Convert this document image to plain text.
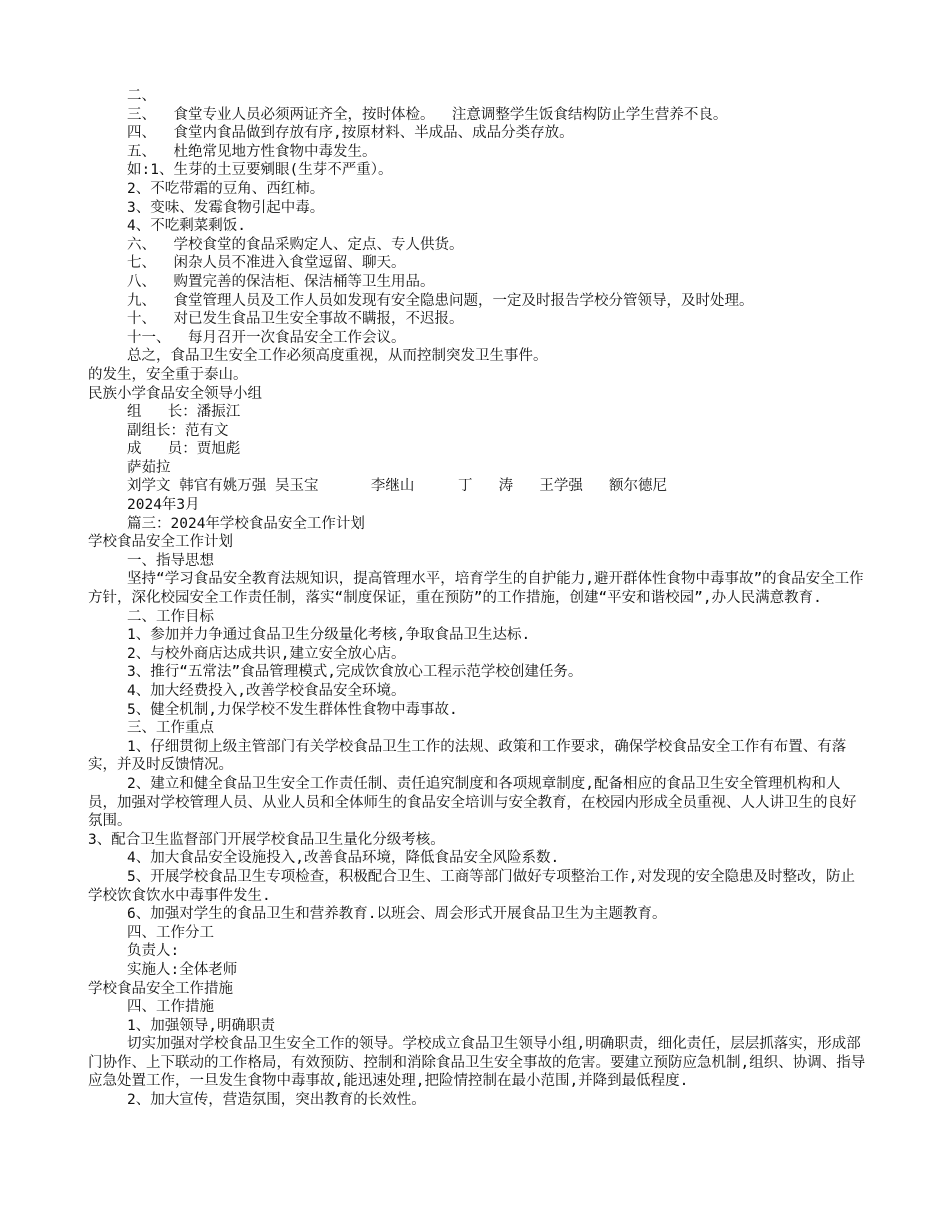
二、

三、  食堂专业人员必须两证齐全，按时体检。  注意调整学生饭食结构防止学生营养不良。

四、  食堂内食品做到存放有序,按原材料、半成品、成品分类存放。

五、  杜绝常见地方性食物中毒发生。

如:1、生芽的土豆要剜眼(生芽不严重）。

2、不吃带霜的豆角、西红柿。

3、变味、发霉食物引起中毒。

4、不吃剩菜剩饭.

六、  学校食堂的食品采购定人、定点、专人供货。

七、  闲杂人员不准进入食堂逗留、聊天。

八、  购置完善的保洁柜、保洁桶等卫生用品。

九、  食堂管理人员及工作人员如发现有安全隐患问题，一定及时报告学校分管领导，及时处理。

十、  对已发生食品卫生安全事故不瞒报，不迟报。

十一、  每月召开一次食品安全工作会议。

总之，食品卫生安全工作必须高度重视，从而控制突发卫生事件。

的发生，安全重于泰山。

民族小学食品安全领导小组

组   长：潘振江

副组长：范有文

成   员：贾旭彪

萨茹拉

刘学文 韩官有姚万强 吴玉宝      李继山     丁   涛   王学强   额尔德尼

2024年3月

篇三：2024年学校食品安全工作计划

学校食品安全工作计划

一、指导思想

坚持“学习食品安全教育法规知识，提高管理水平，培育学生的自护能力,避开群体性食物中毒事故”的食品安全工作方针，深化校园安全工作责任制，落实“制度保证，重在预防”的工作措施，创建“平安和谐校园”,办人民满意教育.

二、工作目标

1、参加并力争通过食品卫生分级量化考核,争取食品卫生达标.

2、与校外商店达成共识,建立安全放心店。

3、推行“五常法”食品管理模式,完成饮食放心工程示范学校创建任务。

4、加大经费投入,改善学校食品安全环境。

5、健全机制,力保学校不发生群体性食物中毒事故.

三、工作重点

1、仔细贯彻上级主管部门有关学校食品卫生工作的法规、政策和工作要求，确保学校食品安全工作有布置、有落实，并及时反馈情况。

2、建立和健全食品卫生安全工作责任制、责任追究制度和各项规章制度,配备相应的食品卫生安全管理机构和人员，加强对学校管理人员、从业人员和全体师生的食品安全培训与安全教育，在校园内形成全员重视、人人讲卫生的良好氛围。

3、配合卫生监督部门开展学校食品卫生量化分级考核。

4、加大食品安全设施投入,改善食品环境，降低食品安全风险系数.

5、开展学校食品卫生专项检查，积极配合卫生、工商等部门做好专项整治工作,对发现的安全隐患及时整改，防止学校饮食饮水中毒事件发生.

6、加强对学生的食品卫生和营养教育.以班会、周会形式开展食品卫生为主题教育。

四、工作分工

负责人:

实施人:全体老师

学校食品安全工作措施

四、工作措施

1、加强领导,明确职责

切实加强对学校食品卫生安全工作的领导。学校成立食品卫生领导小组,明确职责，细化责任，层层抓落实，形成部门协作、上下联动的工作格局，有效预防、控制和消除食品卫生安全事故的危害。要建立预防应急机制,组织、协调、指导应急处置工作，一旦发生食物中毒事故,能迅速处理,把险情控制在最小范围,并降到最低程度.

2、加大宣传，营造氛围，突出教育的长效性。
